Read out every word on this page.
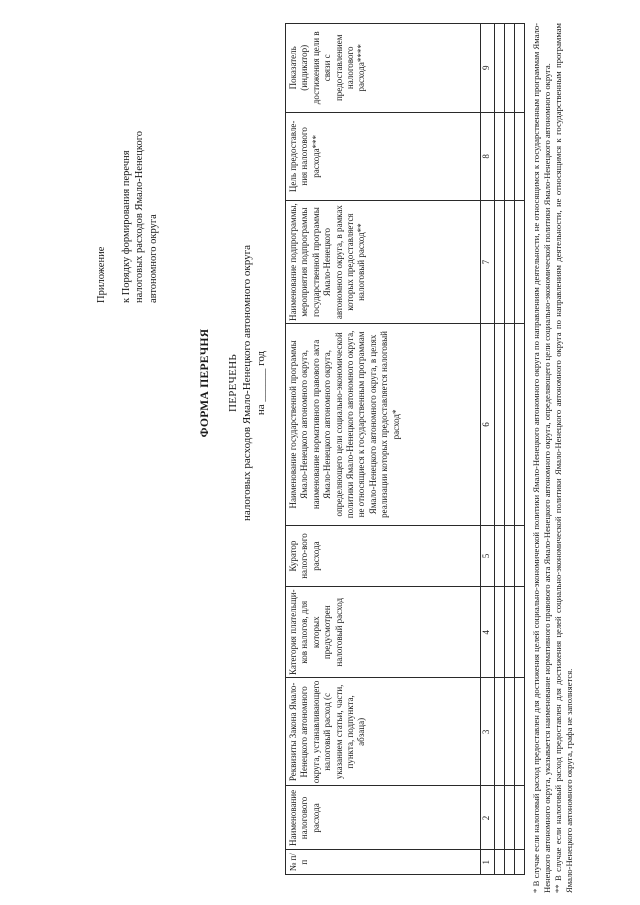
Приложение к Порядку формирования перечня налоговых расходов Ямало-Ненецкого автономного округа
ФОРМА ПЕРЕЧНЯ ПЕРЕЧЕНЬ налоговых расходов Ямало-Ненецкого автономного округа на ______ год
№ п/п	Наименование налогового расхода	Реквизиты Закона Ямало-Ненецкого автономного округа, устанавливающего налоговый расход (с указанием статьи, части, пункта, подпункта, абзаца)	Категория плательщи-ков налогов, для которых предусмотрен налоговый расход	Куратор налого-вого расхода	Наименование государственной программы Ямало-Ненецкого автономного округа, наименование нормативного правового акта Ямало-Ненецкого автономного округа, определяющего цели социально-экономической политики Ямало-Ненецкого автономного округа, не относящиеся к государственным программам Ямало-Ненецкого автономного округа, в целях реализации которых предоставляется налоговый расход*	Наименование подпрограммы, мероприятия подпрограммы государственной программы Ямало-Ненецкого автономного округа, в рамках которых предоставляется налоговый расход**	Цель предоставле-ния налогового расхода***	Показатель (индикатор) достижения цели в связи с предоставлением налогового расхода****
1	2	3	4	5	6	7	8	9

									* В случае если налоговый расход предоставлен для достижения целей социально-экономической политики Ямало-Ненецкого автономного округа по направлениям деятельности, не относящимся к государственным программам Ямало-Ненецкого автономного округа, указывается наименование нормативного правового акта Ямало-Ненецкого автономного округа, определяющего цели социально-экономической политики Ямало-Ненецкого автономного округа. ** В случае если налоговый расход предоставлен для достижения целей социально-экономической политики Ямало-Ненецкого автономного округа по направлениям деятельности, не относящимся к государственным программам Ямало-Ненецкого автономного округа, графа не заполняется.
